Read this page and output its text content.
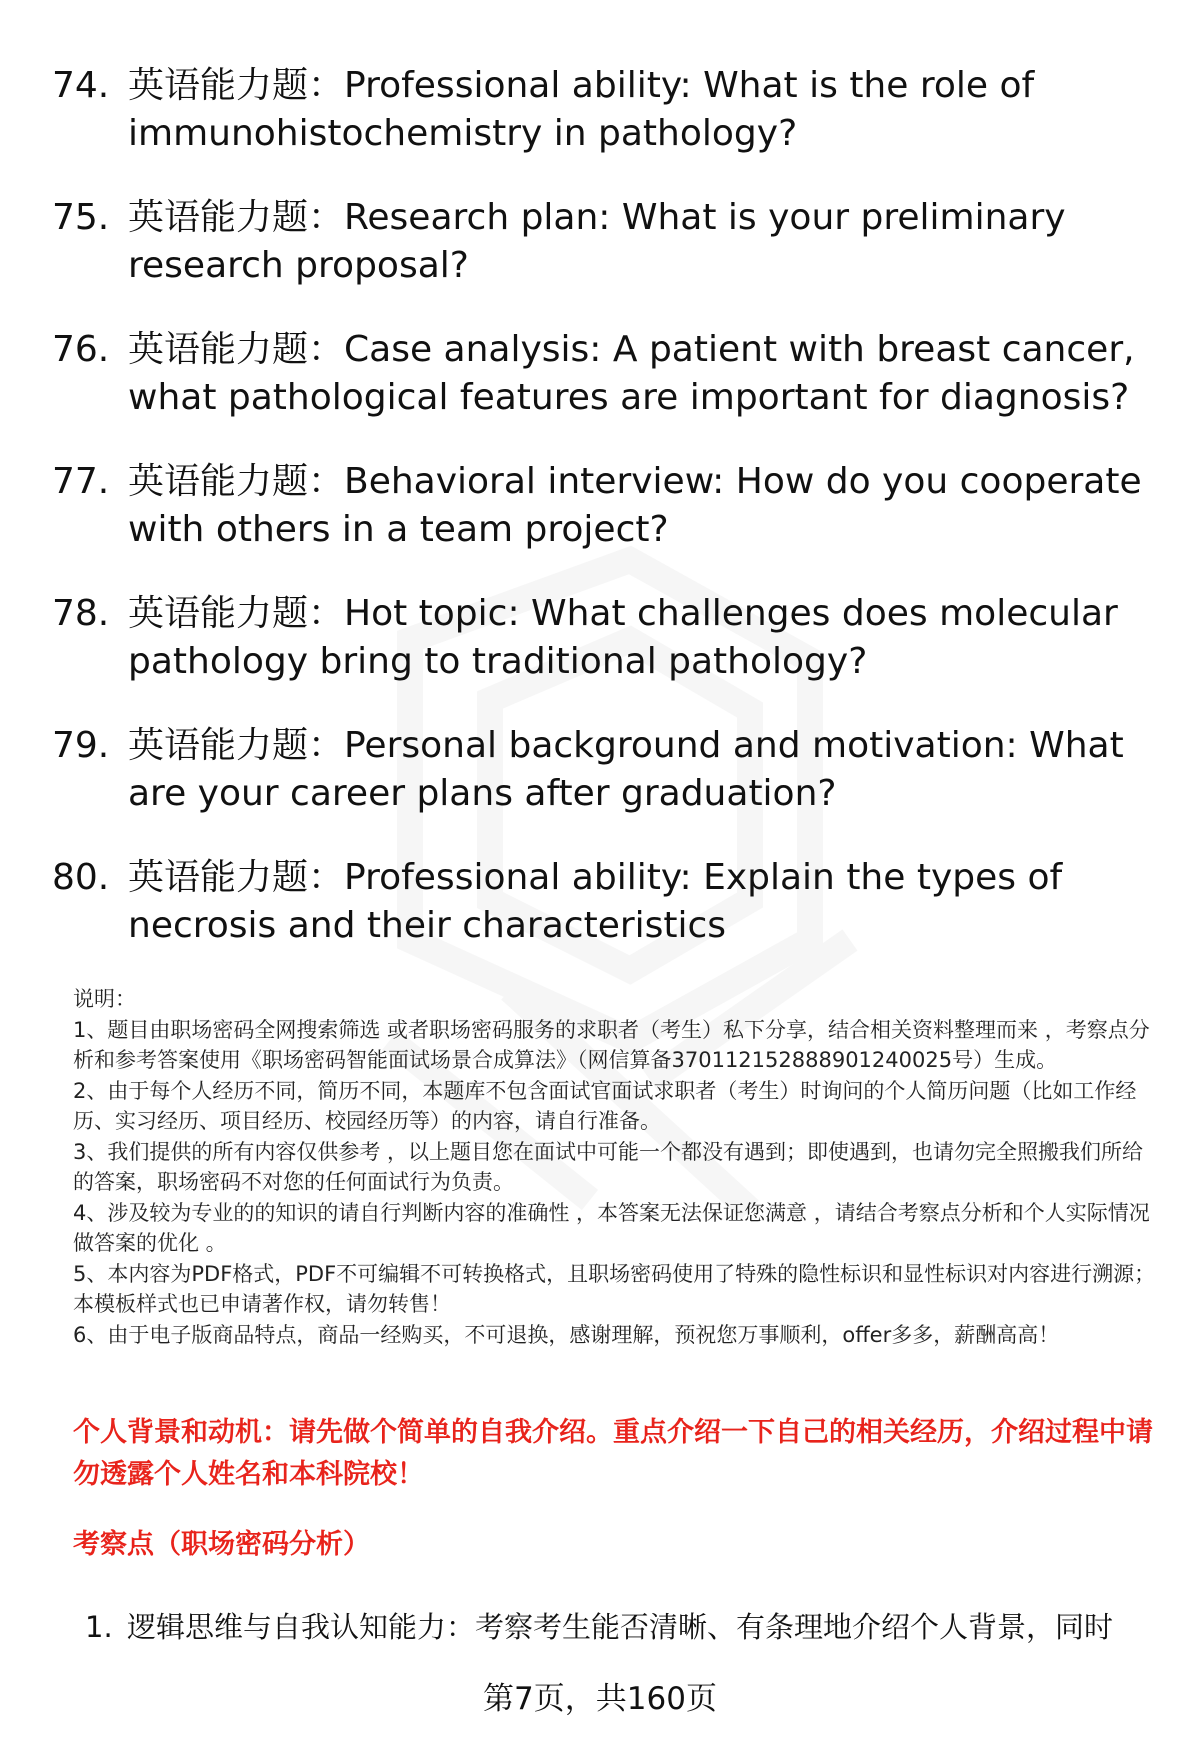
74. 英语能力题：Professional ability: What is the role of immunohistochemistry in pathology?
75. 英语能力题：Research plan: What is your preliminary research proposal?
76. 英语能力题：Case analysis: A patient with breast cancer, what pathological features are important for diagnosis?
77. 英语能力题：Behavioral interview: How do you cooperate with others in a team project?
78. 英语能力题：Hot topic: What challenges does molecular pathology bring to traditional pathology?
79. 英语能力题：Personal background and motivation: What are your career plans after graduation?
80. 英语能力题：Professional ability: Explain the types of necrosis and their characteristics

说明：

1、题目由职场密码全网搜索筛选 或者职场密码服务的求职者（考生）私下分享，结合相关资料整理而来 ，考察点分析和参考答案使用《职场密码智能面试场景合成算法》（网信算备370112152888901240025号）生成。

2、由于每个人经历不同，简历不同，本题库不包含面试官面试求职者（考生）时询问的个人简历问题（比如工作经历、实习经历、项目经历、校园经历等）的内容，请自行准备。

3、我们提供的所有内容仅供参考 ，以上题目您在面试中可能一个都没有遇到；即使遇到，也请勿完全照搬我们所给的答案，职场密码不对您的任何面试行为负责。

4、涉及较为专业的的知识的请自行判断内容的准确性 ，本答案无法保证您满意 ，请结合考察点分析和个人实际情况做答案的优化 。

5、本内容为PDF格式，PDF不可编辑不可转换格式，且职场密码使用了特殊的隐性标识和显性标识对内容进行溯源；本模板样式也已申请著作权，请勿转售！

6、由于电子版商品特点，商品一经购买，不可退换，感谢理解，预祝您万事顺利，offer多多，薪酬高高！

个人背景和动机：请先做个简单的自我介绍。重点介绍一下自己的相关经历，介绍过程中请勿透露个人姓名和本科院校！
考察点（职场密码分析）
1. 逻辑思维与自我认知能力：考察考生能否清晰、有条理地介绍个人背景，同时
第7页，共160页
